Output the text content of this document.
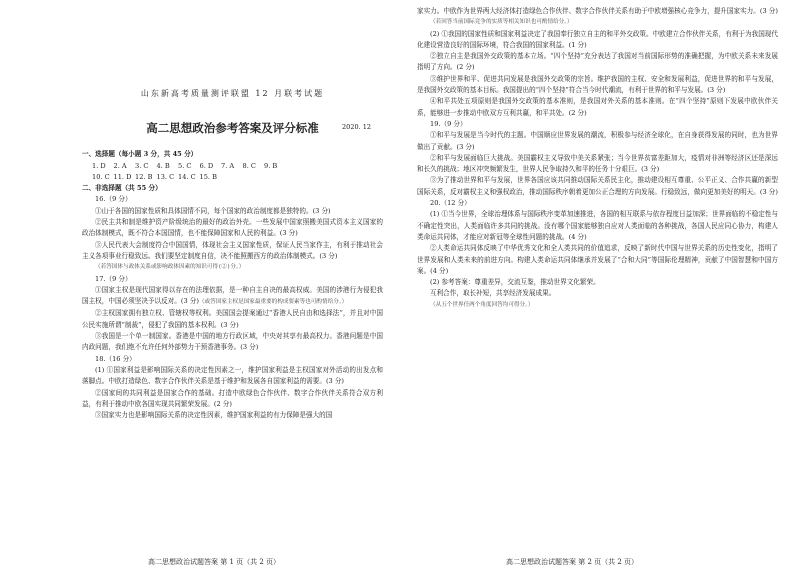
山东新高考质量测评联盟 12 月联考试题
高二思想政治参考答案及评分标准	2020. 12
一、选择题（每小题 3 分，共 45 分）
1. D	2. A	3. C	4. B	5. C	6. D	7. A	8. C	9. B
10. C 11. D 12. B 13. C 14. C 15. B
二、非选择题（共 55 分）
16.（9 分）
①山于各国的国家性质和具体国情不同，每个国家的政治制度都是独特的。(3 分)
②民主共和制是维护资产阶级统治的最好的政治外壳。一些发展中国家照搬美国式资本主义国家的政治体制模式，既不符合本国国情，也不能保障国家和人民的利益。(3 分)
③人民代表大会制度符合中国国情，体现社会主义国家性质，保证人民当家作主，有利于推动社会主义各项事业行稳致远。我们要坚定制度自信，决不能照搬西方的政治体制模式。(3 分)
（若答国体与政体关系或影响政体因素的知识可得(②)分。）
17.（9 分）
①国家主权是现代国家得以存在的法理依据，是一种自主自决的最高权威。美国的涉港行为侵犯我国主权，中国必须坚决予以反对。(3 分)（或答国家主权是国家最重要的构成要素等也可酌情给分。）
②主权国家拥有独立权、管辖权等权利。美国国会提案通过“香港人民自由和选择法”，并且对中国公民实施所谓“制裁”，侵犯了我国的基本权利。(3 分)
③我国是一个单一制国家。香港是中国的地方行政区域，中央对其享有最高权力。香港问题是中国内政问题，我们绝不允许任何外部势力干预香港事务。(3 分)
18.（16 分）
(1) ①国家利益是影响国际关系的决定性因素之一，维护国家利益是主权国家对外活动的出发点和落脚点。中欧打造绿色、数字合作伙伴关系是基于维护和发展各自国家利益的需要。(3 分)
②国家间的共同利益是国家合作的基础。打造中欧绿色合作伙伴、数字合作伙伴关系符合双方利益，有利于推动中欧各国实现共同繁荣发展。(2 分)
③国家实力也是影响国际关系的决定性因素，维护国家利益的有力保障是强大的国
高二思想政治试题答案 第 1 页（共 2 页）
家实力。中欧作为世界两大经济体打造绿色合作伙伴、数字合作伙伴关系有助于中欧增强核心竞争力，提升国家实力。(3 分)
（若回答当前国际竞争的实质等相关知识也可酌情给分。）
(2) ①我国的国家性质和国家利益决定了我国奉行独立自主的和平外交政策。中欧建立合作伙伴关系，有利于为我国现代化建设营造良好的国际环境，符合我国的国家利益。(1 分)
②独立自主是我国外交政策的基本立场。“四个坚持”充分表达了我国对当前国际形势的准确把握，为中欧关系未来发展指明了方向。(2 分)
③维护世界和平、促进共同发展是我国外交政策的宗旨。维护我国的主权、安全和发展利益，促进世界的和平与发展，是我国外交政策的基本目标。我国提出的“四个坚持”符合当今时代潮流，有利于世界的和平与发展。(3 分)
④和平共处五项原则是我国外交政策的基本准则，是我国对外关系的基本准则。在“四个坚持”原则下发展中欧伙伴关系，能够进一步推动中欧双方互利共赢，和平共处。(2 分)
19.（9 分）
①和平与发展是当今时代的主题。中国顺应世界发展的潮流，积极参与经济全球化，在自身获得发展的同时，也为世界做出了贡献。(3 分)
②和平与发展面临巨大挑战。美国霸权主义导致中美关系紧张；当今世界贫富差距加大，疫情对非洲等经济区还是深远和长久的挑战；地区冲突频繁发生，世界人民争取持久和平的任务十分艰巨。(3 分)
③为了推动世界和平与发展，世界各国应该共同推动国际关系民主化，推动建设相互尊重、公平正义、合作共赢的新型国际关系，反对霸权主义和强权政治，推动国际秩序朝着更加公正合理的方向发展。行稳致远，做向更加美好的明天。(3 分)
20.（12 分）
(1) ①当今世界，全球治理体系与国际秩序变革加速推进，各国的相互联系与依存程度日益加深；世界面临的不稳定性与不确定性突出，人类面临许多共同的挑战。没有哪个国家能够独自应对人类面临的各种挑战，各国人民应同心协力，构建人类命运共同体，才能应对新冠等全球性问题的挑战。(4 分)
②人类命运共同体反映了中华优秀文化和全人类共同的价值追求，反映了新时代中国与世界关系的历史性变化，指明了世界发展和人类未来的前进方向。构建人类命运共同体继承并发展了“合和大同”等国际伦理精神，贡献了中国智慧和中国方案。(4 分)
(2) 参考答案：尊重差异，交流互鉴，推动世界文化繁荣。
互利合作，取长补短，共享经济发展成果。
（从五个世界任两个角度回答均可得分。）
高二思想政治试题答案 第 2 页（共 2 页）
